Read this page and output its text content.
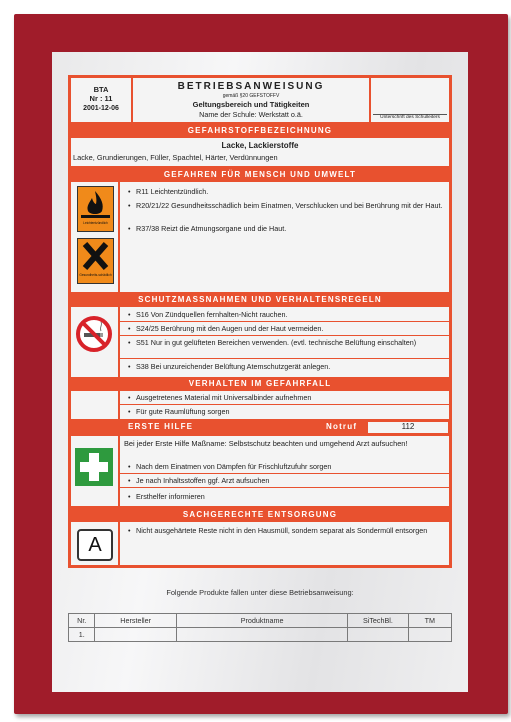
BTA
Nr : 11
2001-12-06
BETRIEBSANWEISUNG
gemäß §20 GEFSTOFFV
Geltungsbereich und Tätigkeiten
Name der Schule: Werkstatt o.ä.	Unterschrift des Schulleiters
GEFAHRSTOFFBEZEICHNUNG
Lacke, Lackierstoffe
Lacke, Grundierungen, Füller, Spachtel, Härter, Verdünnungen
GEFAHREN FÜR MENSCH UND UMWELT
Leichtentzündlich
Gesundheits-schädlich
• R11 Leichtentzündlich.
• R20/21/22 Gesundheitsschädlich beim Einatmen, Verschlucken und bei Berührung mit der Haut.
• R37/38 Reizt die Atmungsorgane und die Haut.
SCHUTZMASSNAHMEN UND VERHALTENSREGELN
• S16 Von Zündquellen fernhalten-Nicht rauchen.
• S24/25 Berührung mit den Augen und der Haut vermeiden.
• S51 Nur in gut gelüfteten Bereichen verwenden. (evtl. technische Belüftung einschalten)
• S38 Bei unzureichender Belüftung Atemschutzgerät anlegen.
VERHALTEN IM GEFAHRFALL
• Ausgetretenes Material mit Universalbinder aufnehmen
• Für gute Raumlüftung sorgen
ERSTE HILFE	Notruf	112
Bei jeder Erste Hilfe Maßname: Selbstschutz beachten und umgehend Arzt aufsuchen!
• Nach dem Einatmen von Dämpfen für Frischluftzufuhr sorgen
• Je nach Inhaltsstoffen ggf. Arzt aufsuchen
• Ersthelfer informieren
SACHGERECHTE ENTSORGUNG
A
• Nicht ausgehärtete Reste nicht in den Hausmüll, sondern separat als Sondermüll entsorgen
Folgende Produkte fallen unter diese Betriebsanweisung:
Nr.	Hersteller	Produktname	SiTechBl.	TM
1.				
